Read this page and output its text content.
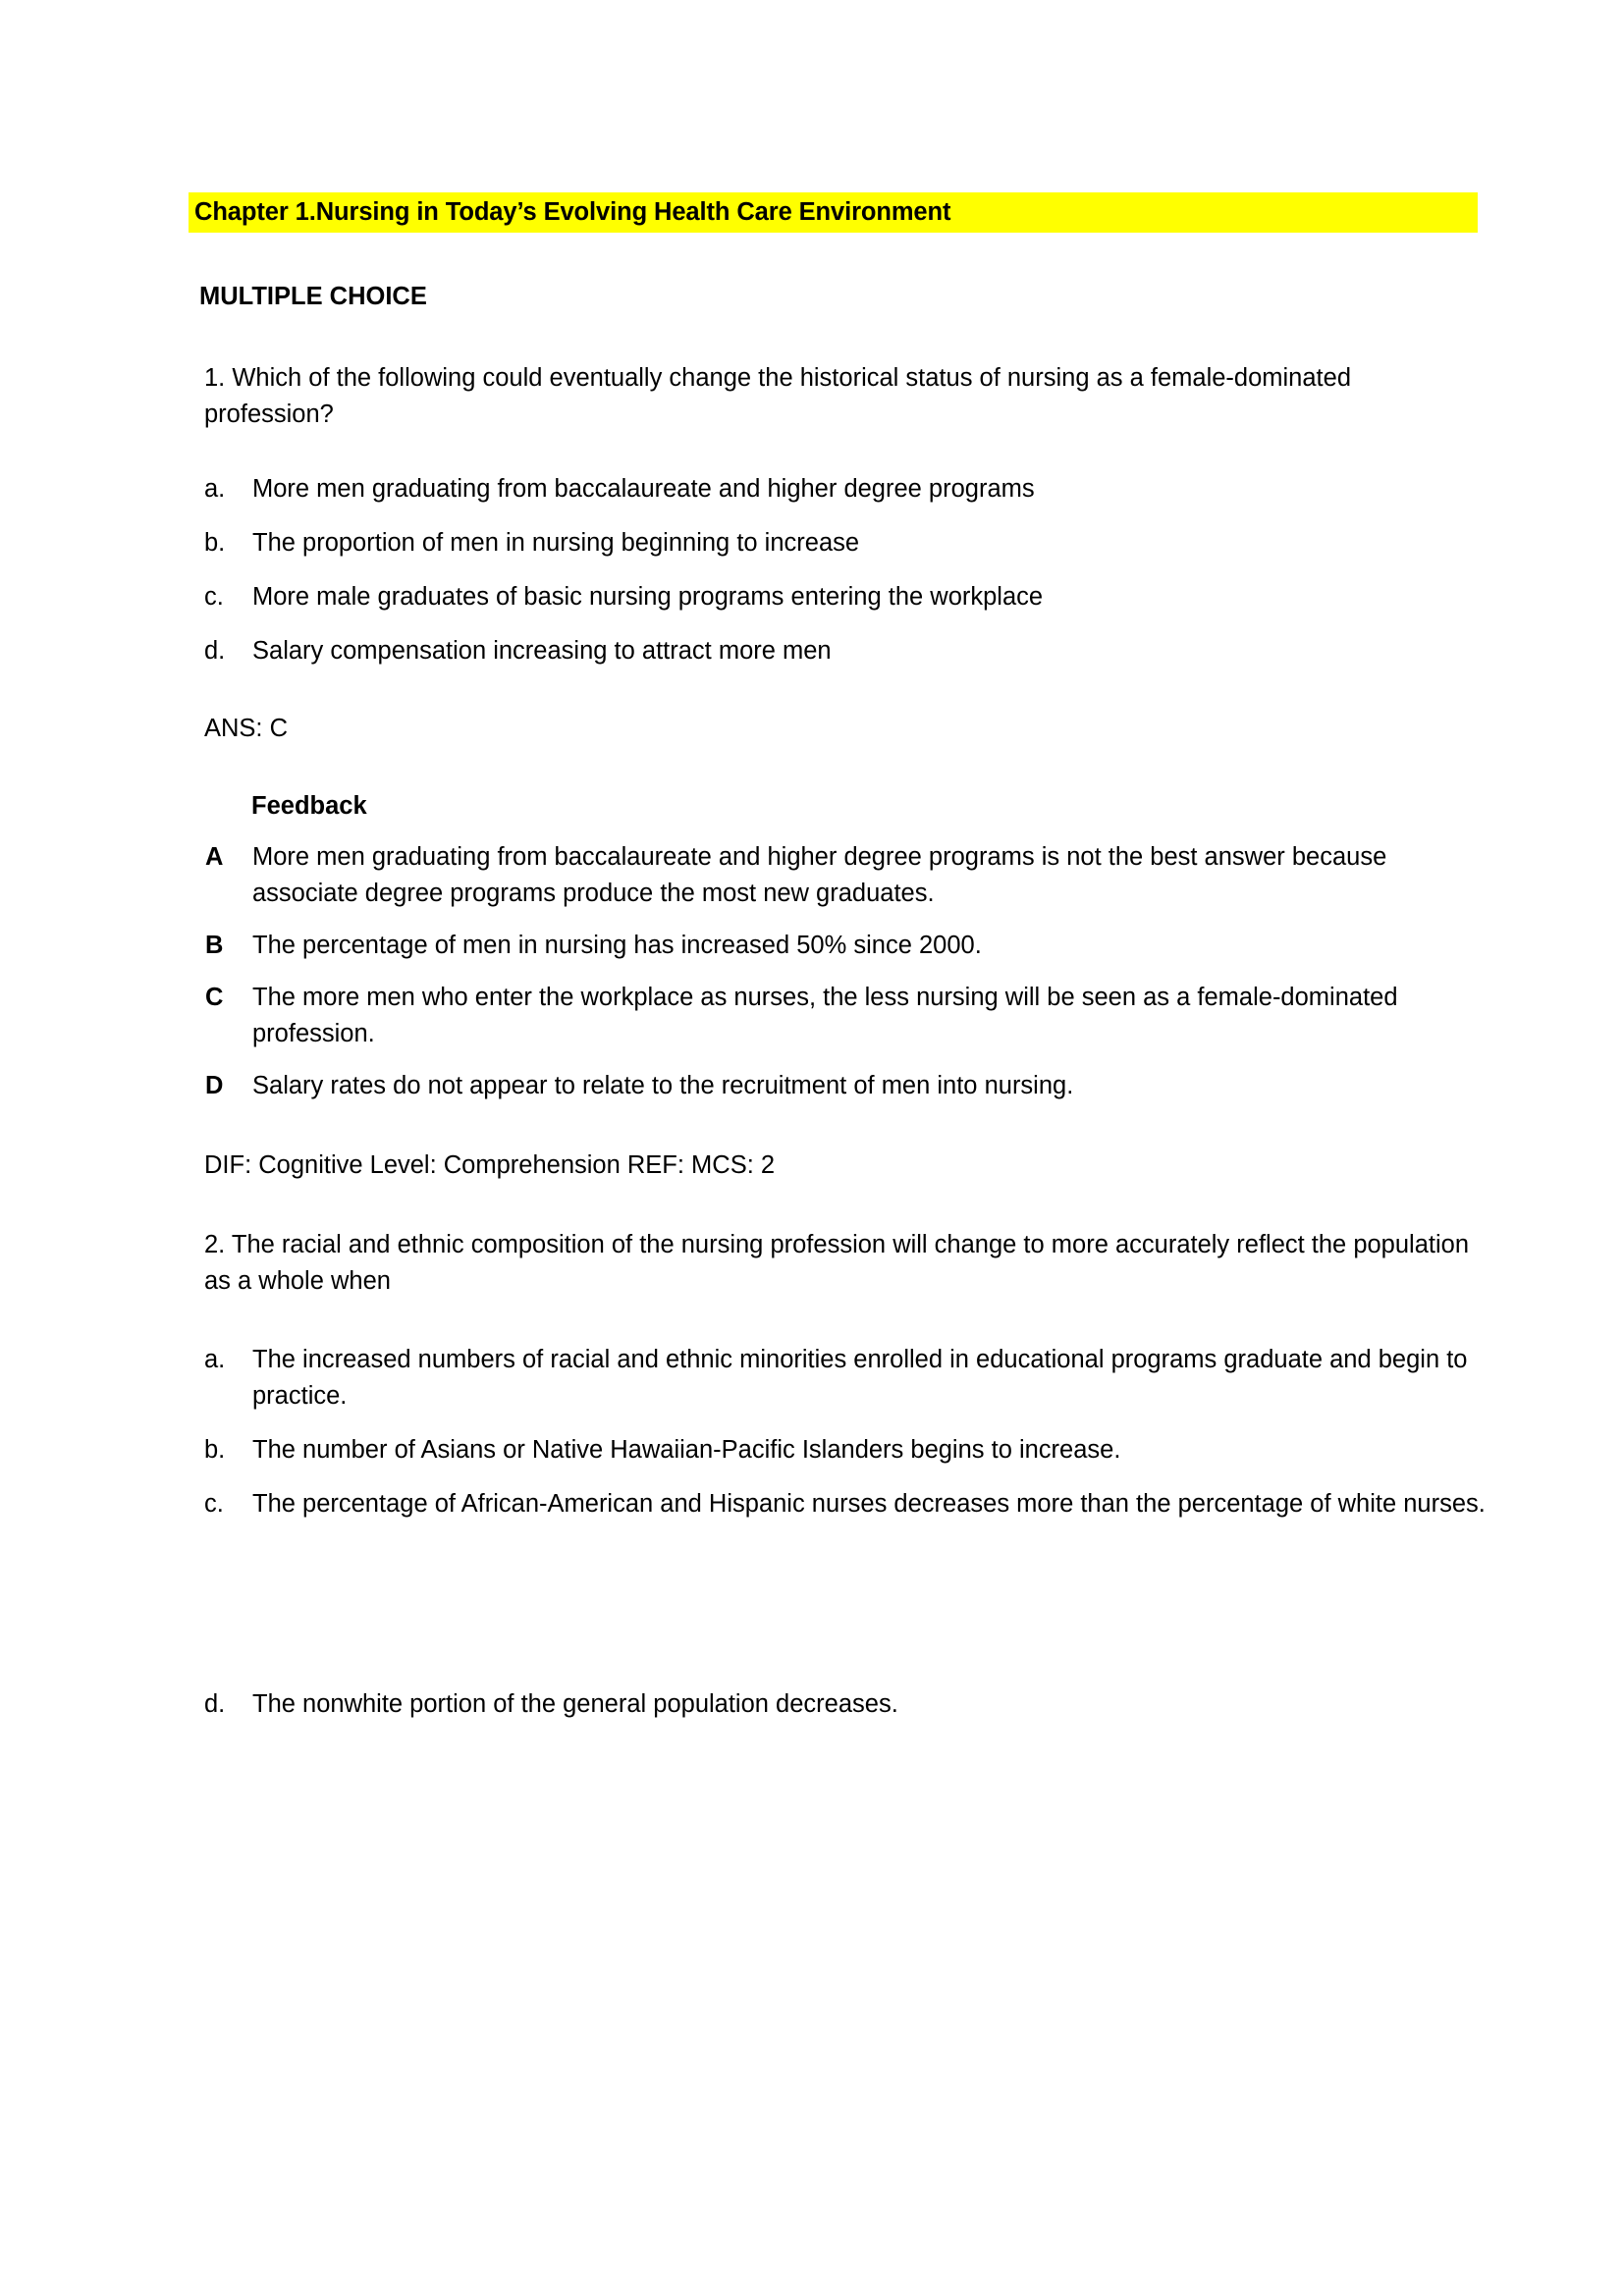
Chapter 1.Nursing in Today’s Evolving Health Care Environment
MULTIPLE CHOICE
1. Which of the following could eventually change the historical status of nursing as a female-dominated profession?
a.	More men graduating from baccalaureate and higher degree programs
b.	The proportion of men in nursing beginning to increase
c.	More male graduates of basic nursing programs entering the workplace
d.	Salary compensation increasing to attract more men
ANS: C
Feedback
A	More men graduating from baccalaureate and higher degree programs is not the best answer because associate degree programs produce the most new graduates.
B	The percentage of men in nursing has increased 50% since 2000.
C	The more men who enter the workplace as nurses, the less nursing will be seen as a female-dominated profession.
D	Salary rates do not appear to relate to the recruitment of men into nursing.
DIF: Cognitive Level: Comprehension REF: MCS: 2
2. The racial and ethnic composition of the nursing profession will change to more accurately reflect the population as a whole when
a.	The increased numbers of racial and ethnic minorities enrolled in educational programs graduate and begin to practice.
b.	The number of Asians or Native Hawaiian-Pacific Islanders begins to increase.
c.	The percentage of African-American and Hispanic nurses decreases more than the percentage of white nurses.
d.	The nonwhite portion of the general population decreases.
